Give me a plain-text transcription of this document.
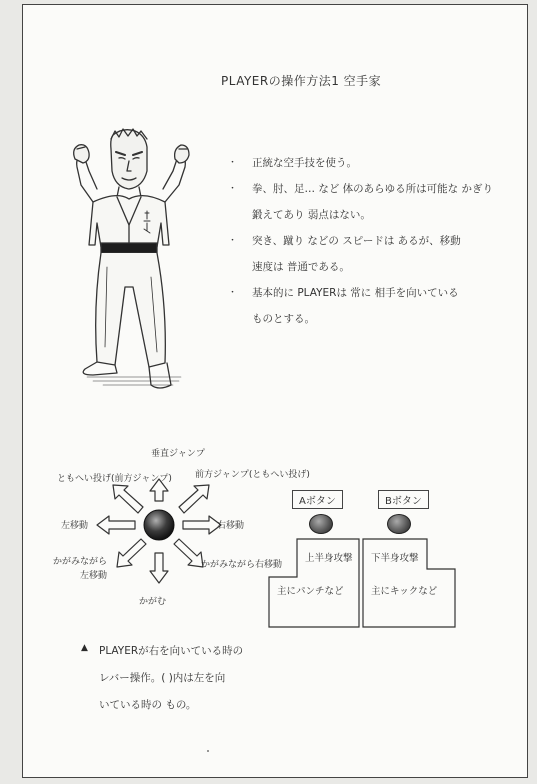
PLAYERの操作方法1 空手家
・	正統な空手技を使う。
・	拳、肘、足… など 体のあらゆる所は可能な かぎり
鍛えてあり 弱点はない。
・	突き、蹴り などの スピードは あるが、移動
速度は 普通である。
・	基本的に PLAYERは 常に 相手を向いている
ものとする。
垂直ジャンプ
前方ジャンプ(ともへい投げ)
ともへい投げ(前方ジャンプ)
右移動
左移動
かがみながら
左移動
かがみながら右移動
かがむ
Aボタン	Bボタン
上半身攻撃
主にパンチなど
下半身攻撃
主にキックなど
▲ PLAYERが右を向いている時の
レバー操作。( )内は左を向
いている時の もの。
